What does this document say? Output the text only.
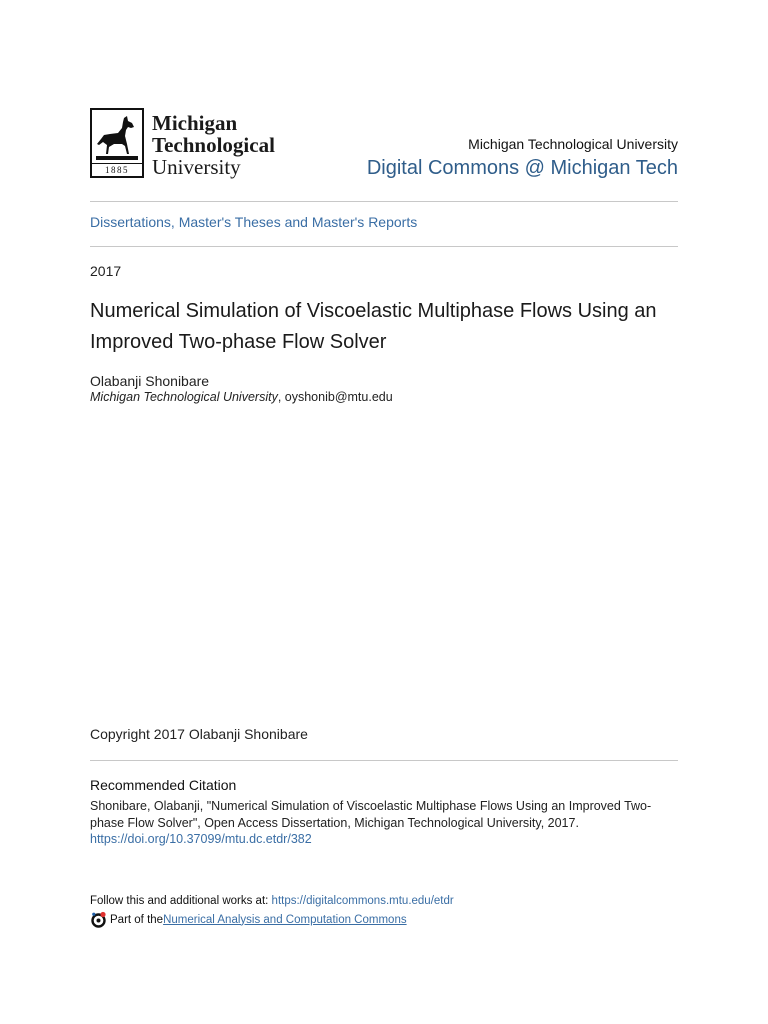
1885
Michigan
Technological
University
Michigan Technological University
Digital Commons @ Michigan Tech
Dissertations, Master's Theses and Master's Reports
2017
Numerical Simulation of Viscoelastic Multiphase Flows Using an Improved Two-phase Flow Solver
Olabanji Shonibare
Michigan Technological University, oyshonib@mtu.edu
Copyright 2017 Olabanji Shonibare
Recommended Citation
Shonibare, Olabanji, "Numerical Simulation of Viscoelastic Multiphase Flows Using an Improved Two-phase Flow Solver", Open Access Dissertation, Michigan Technological University, 2017.
https://doi.org/10.37099/mtu.dc.etdr/382
Follow this and additional works at: https://digitalcommons.mtu.edu/etdr
Part of the Numerical Analysis and Computation Commons
